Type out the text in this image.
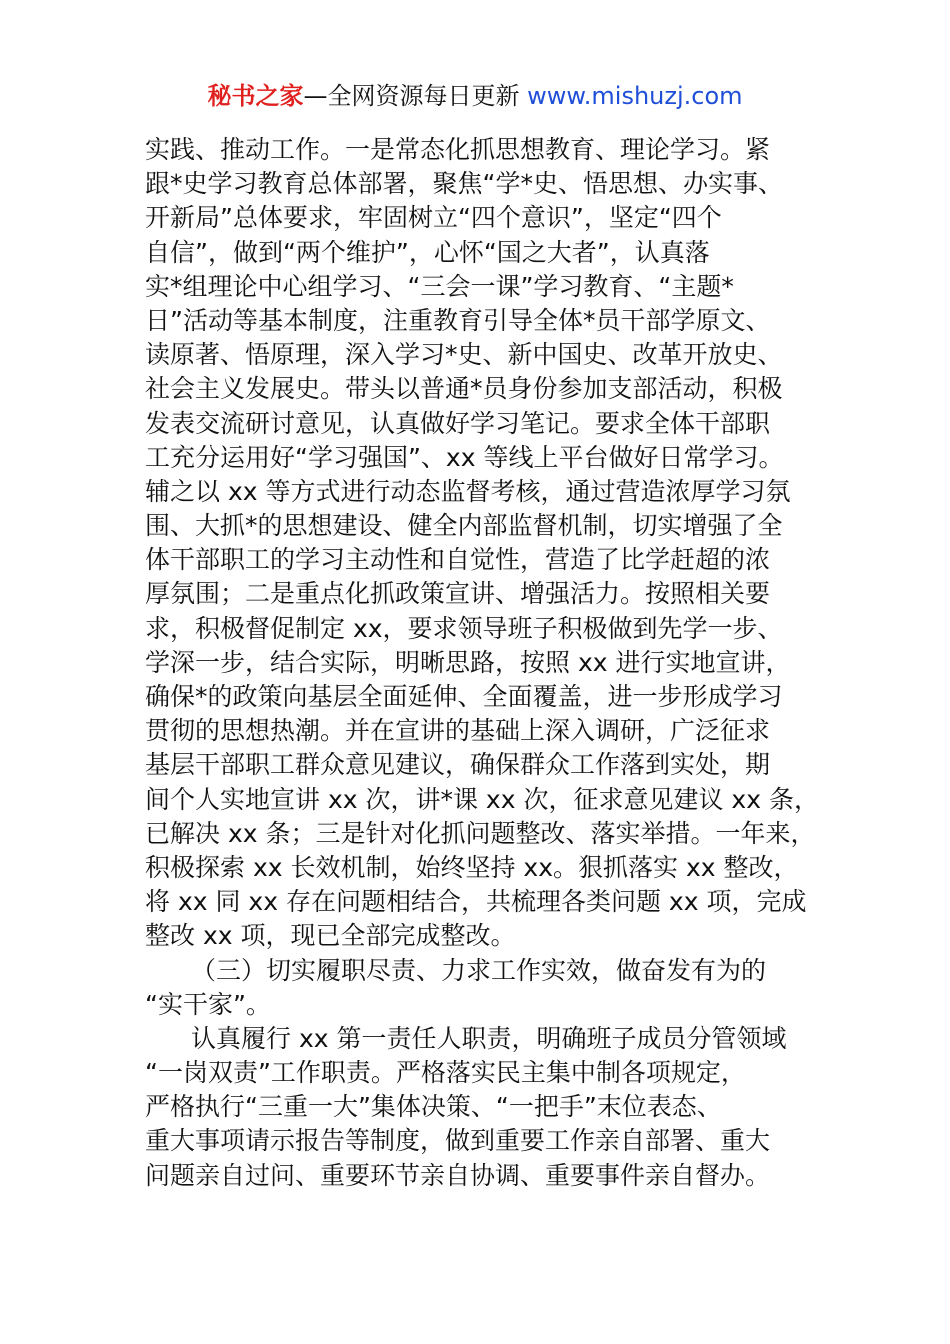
秘书之家—全网资源每日更新 www.mishuzj.com
实践、推动工作。一是常态化抓思想教育、理论学习。紧
跟*史学习教育总体部署，聚焦“学*史、悟思想、办实事、
开新局”总体要求，牢固树立“四个意识”，坚定“四个
自信”，做到“两个维护”，心怀“国之大者”，认真落
实*组理论中心组学习、“三会一课”学习教育、“主题*
日”活动等基本制度，注重教育引导全体*员干部学原文、
读原著、悟原理，深入学习*史、新中国史、改革开放史、
社会主义发展史。带头以普通*员身份参加支部活动，积极
发表交流研讨意见，认真做好学习笔记。要求全体干部职
工充分运用好“学习强国”、xx 等线上平台做好日常学习。
辅之以 xx 等方式进行动态监督考核，通过营造浓厚学习氛
围、大抓*的思想建设、健全内部监督机制，切实增强了全
体干部职工的学习主动性和自觉性，营造了比学赶超的浓
厚氛围；二是重点化抓政策宣讲、增强活力。按照相关要
求，积极督促制定 xx，要求领导班子积极做到先学一步、
学深一步，结合实际，明晰思路，按照 xx 进行实地宣讲，
确保*的政策向基层全面延伸、全面覆盖，进一步形成学习
贯彻的思想热潮。并在宣讲的基础上深入调研，广泛征求
基层干部职工群众意见建议，确保群众工作落到实处，期
间个人实地宣讲 xx 次，讲*课 xx 次，征求意见建议 xx 条，
已解决 xx 条；三是针对化抓问题整改、落实举措。一年来，
积极探索 xx 长效机制，始终坚持 xx。狠抓落实 xx 整改，
将 xx 同 xx 存在问题相结合，共梳理各类问题 xx 项，完成
整改 xx 项，现已全部完成整改。
（三）切实履职尽责、力求工作实效，做奋发有为的
“实干家”。
认真履行 xx 第一责任人职责，明确班子成员分管领域
“一岗双责”工作职责。严格落实民主集中制各项规定，
严格执行“三重一大”集体决策、“一把手”末位表态、
重大事项请示报告等制度，做到重要工作亲自部署、重大
问题亲自过问、重要环节亲自协调、重要事件亲自督办。
